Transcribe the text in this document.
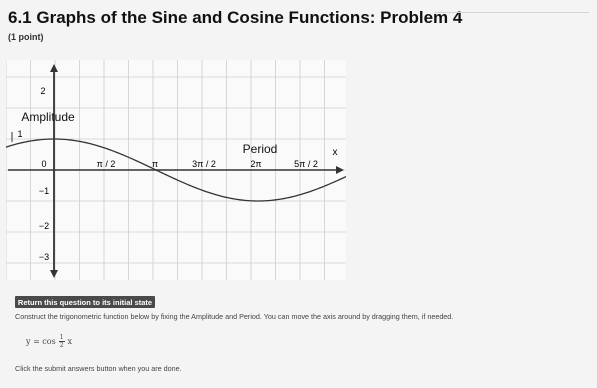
6.1 Graphs of the Sine and Cosine Functions: Problem 4
(1 point)
2
1
0
−1
−2
−3
π / 2	π	3π / 2	2π	5π / 2
x
Amplitude
Period
Return this question to its initial state
Construct the trigonometric function below by fixing the Amplitude and Period. You can move the axis around by dragging them, if needed.
$y = \cos \frac{1}{2}$ x
Click the submit answers button when you are done.
